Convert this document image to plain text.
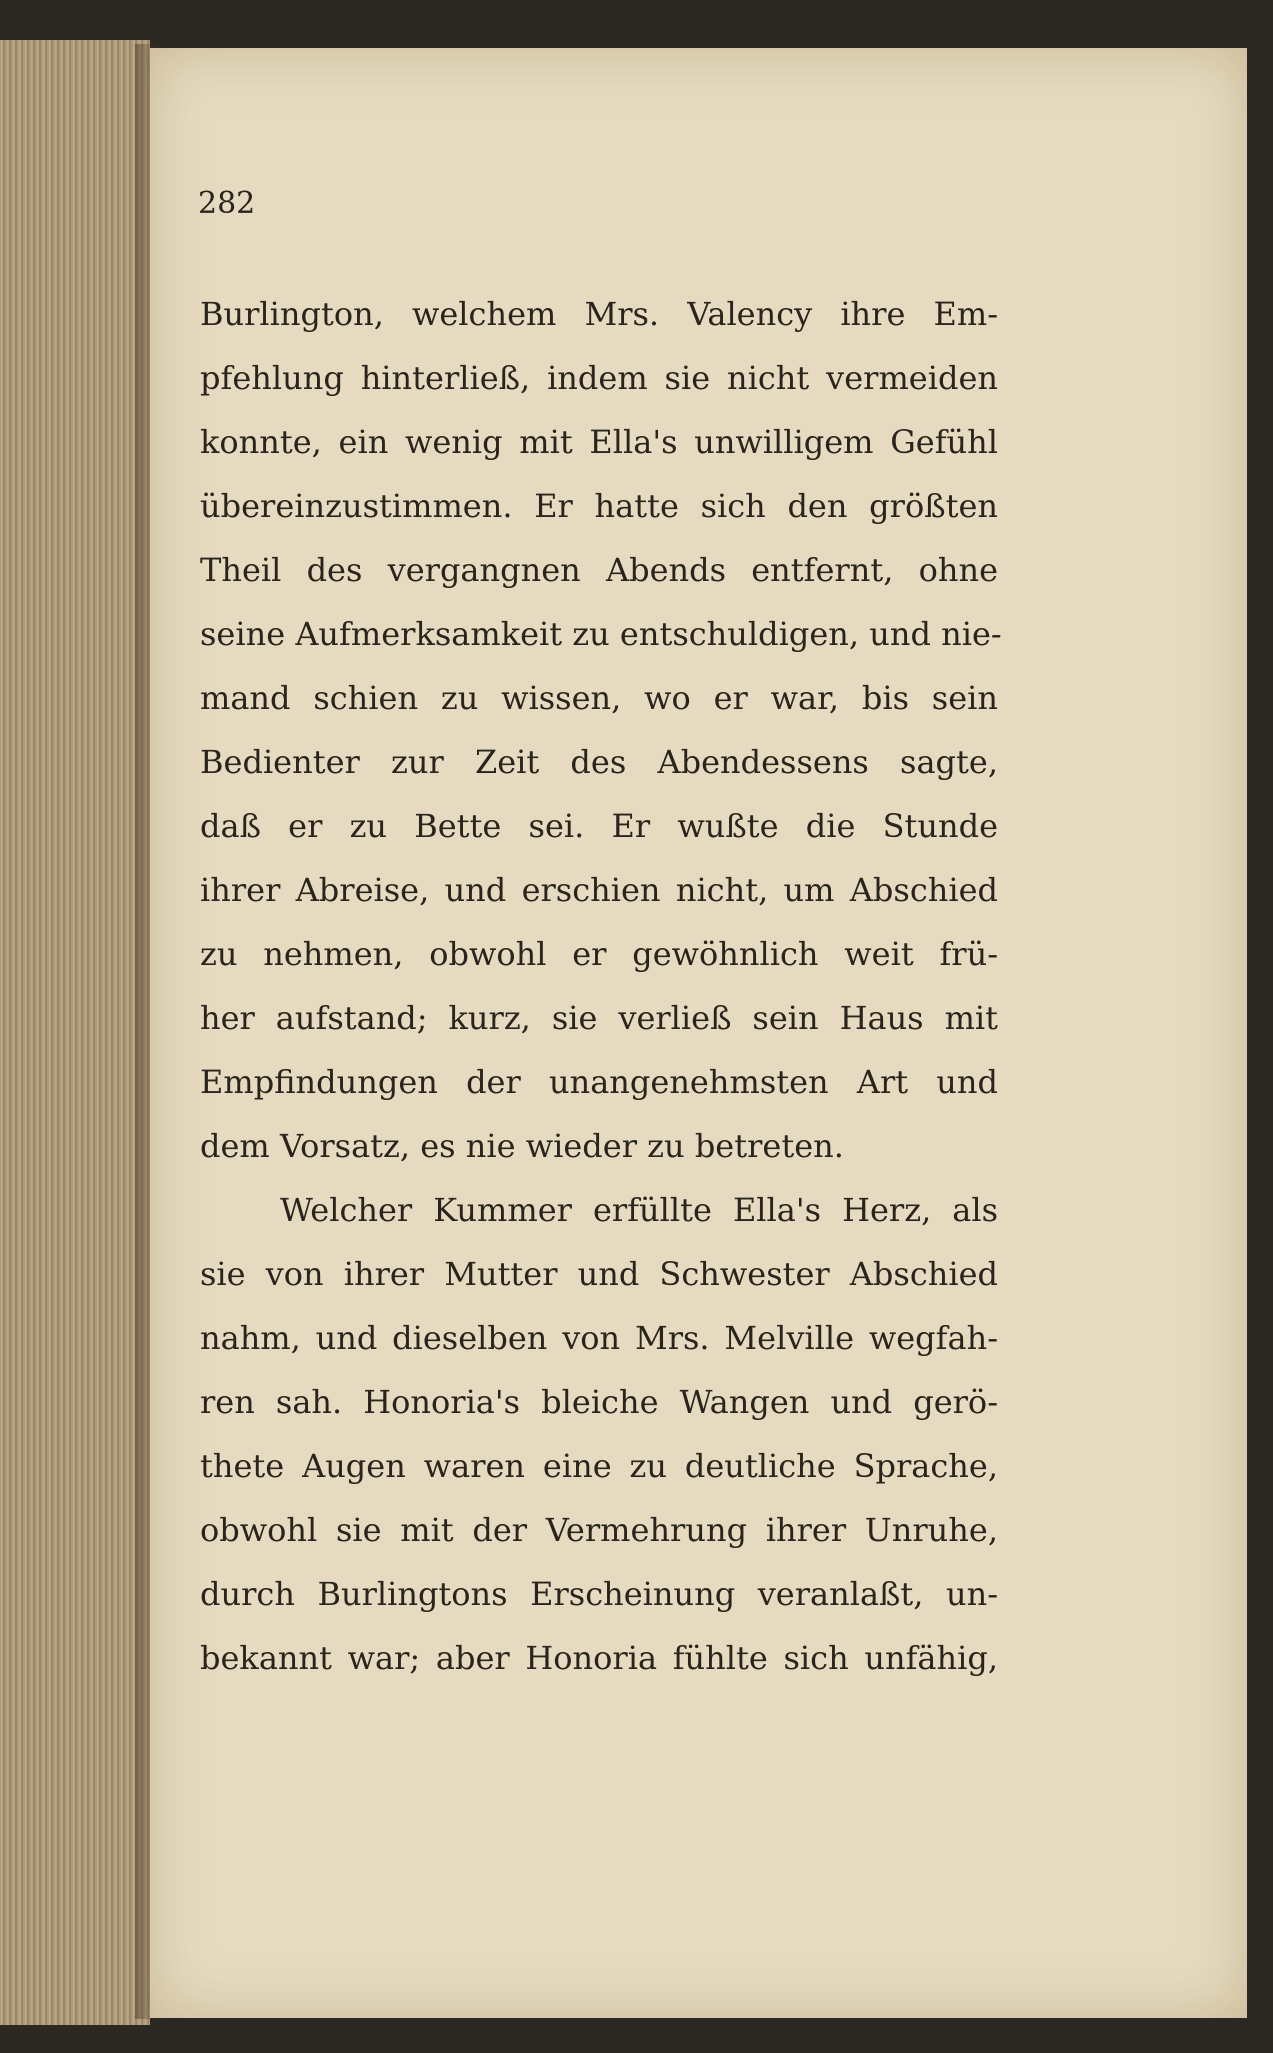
282

Burlington, welchem Mrs. Valency ihre Em-
pfehlung hinterließ, indem sie nicht vermeiden
konnte, ein wenig mit Ella's unwilligem Gefühl
übereinzustimmen. Er hatte sich den größten
Theil des vergangnen Abends entfernt, ohne
seine Aufmerksamkeit zu entschuldigen, und nie-
mand schien zu wissen, wo er war, bis sein
Bedienter zur Zeit des Abendessens sagte,
daß er zu Bette sei. Er wußte die Stunde
ihrer Abreise, und erschien nicht, um Abschied
zu nehmen, obwohl er gewöhnlich weit frü-
her aufstand; kurz, sie verließ sein Haus mit
Empfindungen der unangenehmsten Art und
dem Vorsatz, es nie wieder zu betreten.
Welcher Kummer erfüllte Ella's Herz, als
sie von ihrer Mutter und Schwester Abschied
nahm, und dieselben von Mrs. Melville wegfah-
ren sah. Honoria's bleiche Wangen und gerö-
thete Augen waren eine zu deutliche Sprache,
obwohl sie mit der Vermehrung ihrer Unruhe,
durch Burlingtons Erscheinung veranlaßt, un-
bekannt war; aber Honoria fühlte sich unfähig,
